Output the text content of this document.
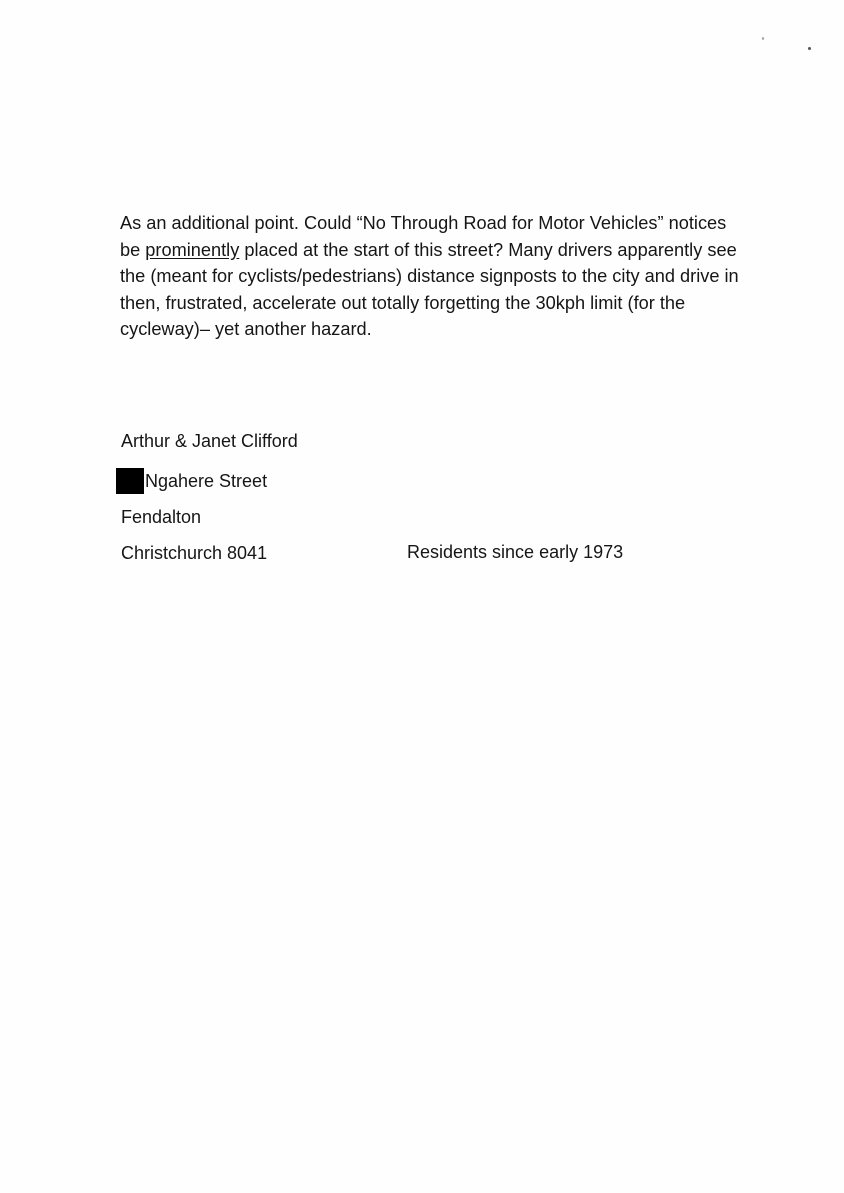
As an additional point. Could “No Through Road for Motor Vehicles” notices
be prominently placed at the start of this street? Many drivers apparently see
the (meant for cyclists/pedestrians) distance signposts to the city and drive in
then, frustrated, accelerate out totally forgetting the 30kph limit (for the
cycleway)– yet another hazard.
Arthur & Janet Clifford
Ngahere Street
Fendalton
Christchurch 8041	Residents since early 1973
